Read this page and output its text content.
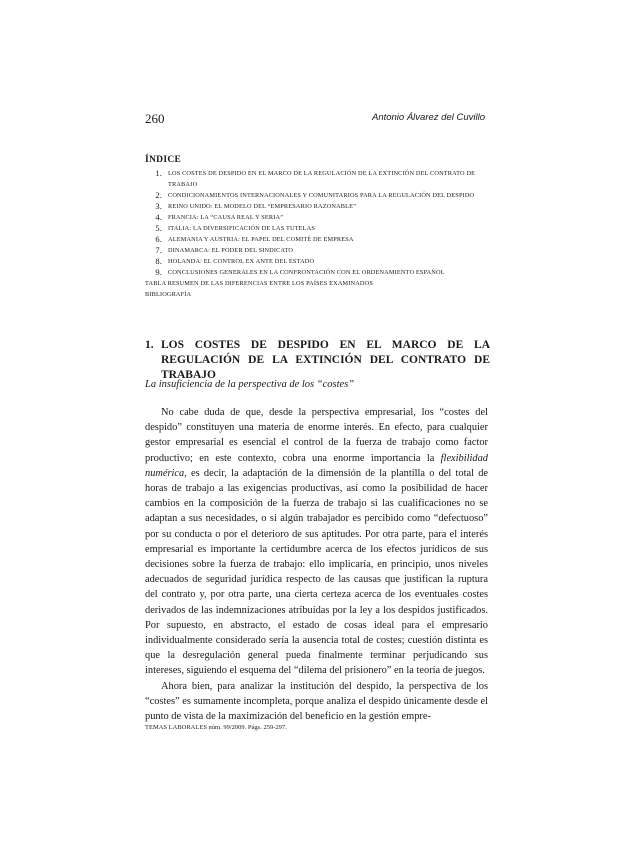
260	Antonio Álvarez del Cuvillo
ÍNDICE
1. LOS COSTES DE DESPIDO EN EL MARCO DE LA REGULACIÓN DE LA EXTINCIÓN DEL CONTRATO DE TRABAJO
2. CONDICIONAMIENTOS INTERNACIONALES Y COMUNITARIOS PARA LA REGULACIÓN DEL DESPIDO
3. REINO UNIDO: EL MODELO DEL “EMPRESARIO RAZONABLE”
4. FRANCIA: LA “CAUSA REAL Y SERIA”
5. ITALIA: LA DIVERSIFICACIÓN DE LAS TUTELAS
6. ALEMANIA Y AUSTRIA: EL PAPEL DEL COMITÉ DE EMPRESA
7. DINAMARCA: EL PODER DEL SINDICATO
8. HOLANDA: EL CONTROL EX ANTE DEL ESTADO
9. CONCLUSIONES GENERALES EN LA CONFRONTACIÓN CON EL ORDENAMIENTO ESPAÑOL
TABLA RESUMEN DE LAS DIFERENCIAS ENTRE LOS PAÍSES EXAMINADOS
BIBLIOGRAFÍA
1. LOS COSTES DE DESPIDO EN EL MARCO DE LA REGULACIÓN DE LA EXTINCIÓN DEL CONTRATO DE TRABAJO
La insuficiencia de la perspectiva de los “costes”

No cabe duda de que, desde la perspectiva empresarial, los “costes del despido” constituyen una materia de enorme interés. En efecto, para cualquier gestor empresarial es esencial el control de la fuerza de trabajo como factor productivo; en este contexto, cobra una enorme importancia la flexibilidad numérica, es decir, la adaptación de la dimensión de la plantilla o del total de horas de trabajo a las exigencias productivas, así como la posibilidad de hacer cambios en la composición de la fuerza de trabajo si las cualificaciones no se adaptan a sus necesidades, o si algún trabajador es percibido como “defectuoso” por su conducta o por el deterioro de sus aptitudes. Por otra parte, para el interés empresarial es importante la certidumbre acerca de los efectos jurídicos de sus decisiones sobre la fuerza de trabajo: ello implicaría, en principio, unos niveles adecuados de seguridad jurídica respecto de las causas que justifican la ruptura del contrato y, por otra parte, una cierta certeza acerca de los eventuales costes derivados de las indemnizaciones atribuidas por la ley a los despidos justificados. Por supuesto, en abstracto, el estado de cosas ideal para el empresario individualmente considerado sería la ausencia total de costes; cuestión distinta es que la desregulación general pueda finalmente terminar perjudicando sus intereses, siguiendo el esquema del “dilema del prisionero” en la teoría de juegos.

Ahora bien, para analizar la institución del despido, la perspectiva de los “costes” es sumamente incompleta, porque analiza el despido únicamente desde el punto de vista de la maximización del beneficio en la gestión empre-

TEMAS LABORALES núm. 99/2009. Págs. 259-297.
